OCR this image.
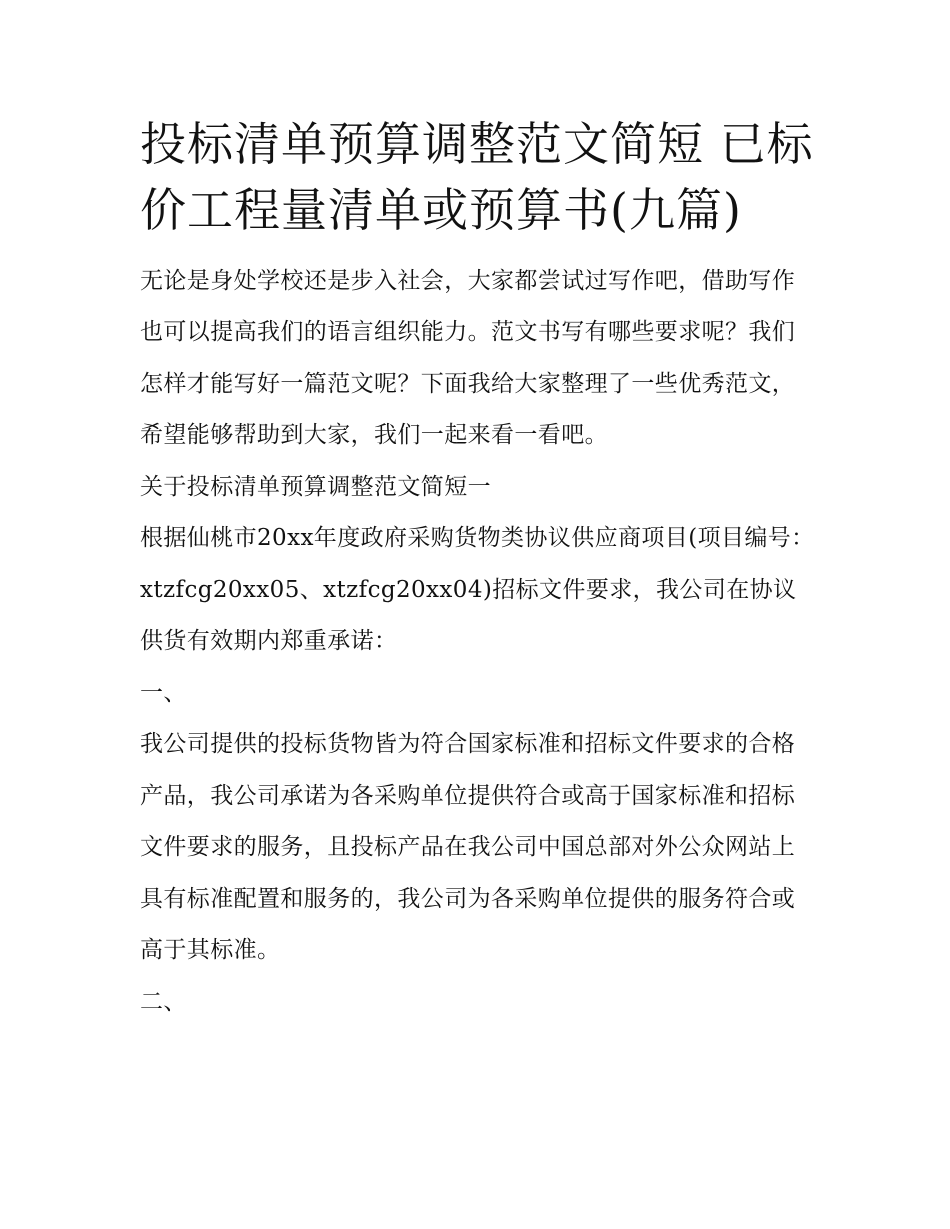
投标清单预算调整范文简短 已标价工程量清单或预算书(九篇)

无论是身处学校还是步入社会，大家都尝试过写作吧，借助写作也可以提高我们的语言组织能力。范文书写有哪些要求呢？我们怎样才能写好一篇范文呢？下面我给大家整理了一些优秀范文，希望能够帮助到大家，我们一起来看一看吧。

关于投标清单预算调整范文简短一

根据仙桃市20xx年度政府采购货物类协议供应商项目(项目编号：xtzfcg20xx05、xtzfcg20xx04)招标文件要求，我公司在协议供货有效期内郑重承诺：

一、

我公司提供的投标货物皆为符合国家标准和招标文件要求的合格产品，我公司承诺为各采购单位提供符合或高于国家标准和招标文件要求的服务，且投标产品在我公司中国总部对外公众网站上具有标准配置和服务的，我公司为各采购单位提供的服务符合或高于其标准。

二、
